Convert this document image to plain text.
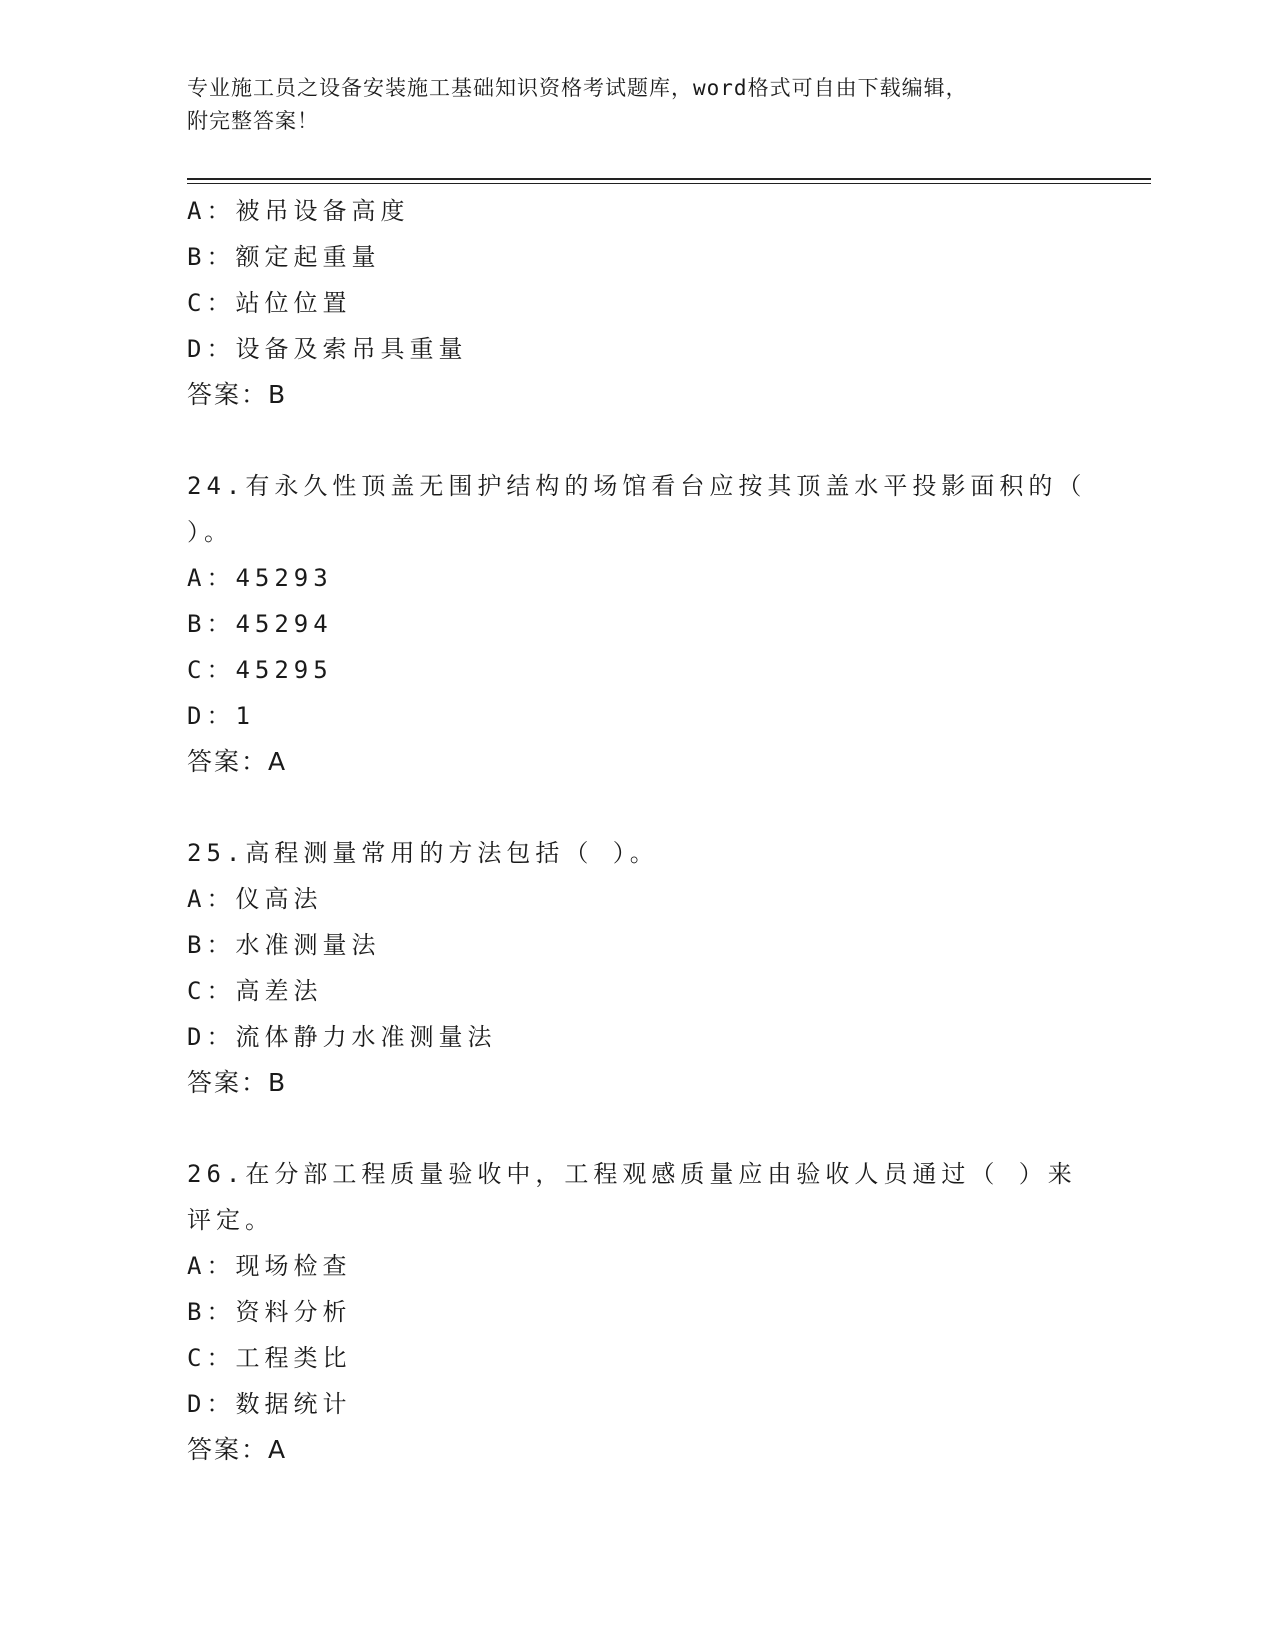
专业施工员之设备安装施工基础知识资格考试题库，word格式可自由下载编辑，
附完整答案！
A：被吊设备高度
B：额定起重量
C：站位位置
D：设备及索吊具重量
答案：B
24.有永久性顶盖无围护结构的场馆看台应按其顶盖水平投影面积的（
）。
A：45293
B：45294
C：45295
D：1
答案：A
25.高程测量常用的方法包括（ ）。
A：仪高法
B：水准测量法
C：高差法
D：流体静力水准测量法
答案：B
26.在分部工程质量验收中，工程观感质量应由验收人员通过（ ）来
评定。
A：现场检查
B：资料分析
C：工程类比
D：数据统计
答案：A
